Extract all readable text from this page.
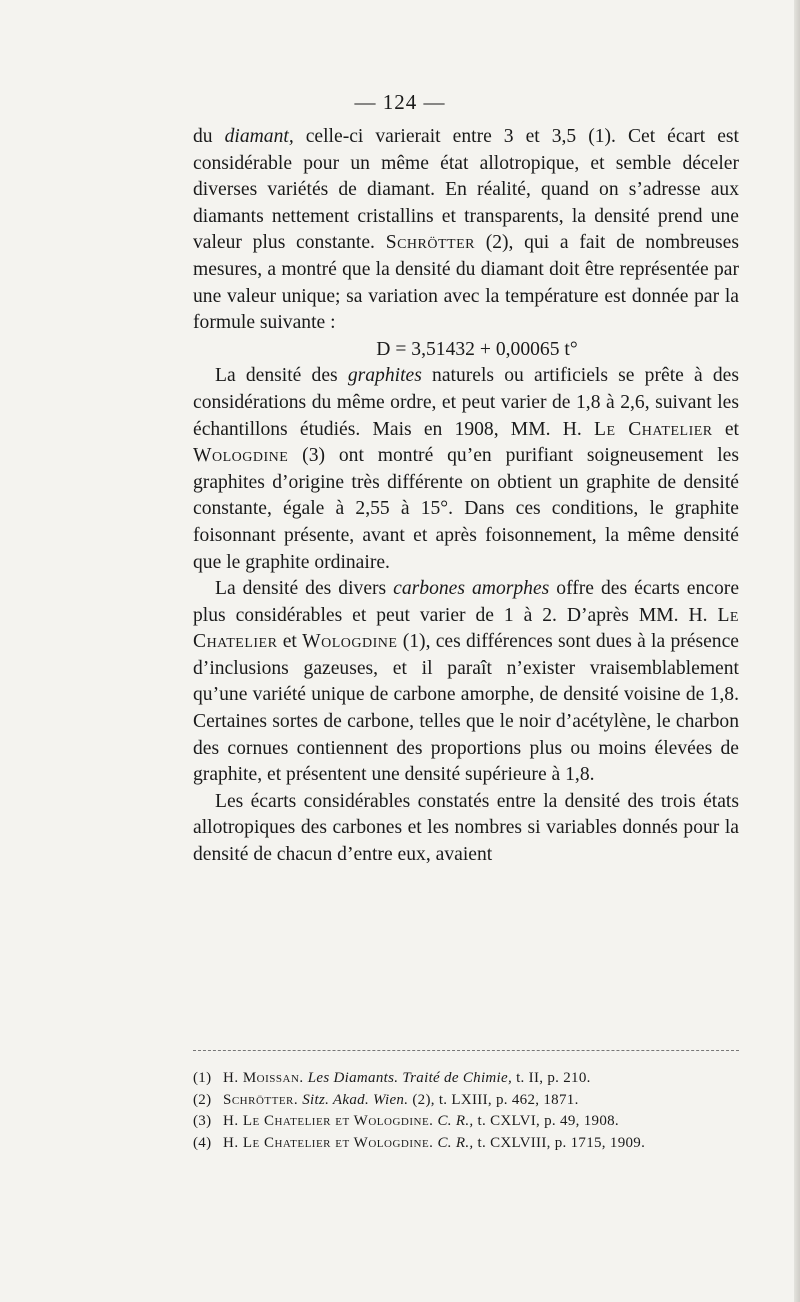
— 124 —

du diamant, celle-ci varierait entre 3 et 3,5 (1). Cet écart est considérable pour un même état allotropique, et semble déceler diverses variétés de diamant. En réalité, quand on s’adresse aux diamants nettement cristallins et transparents, la densité prend une valeur plus constante. Schrötter (2), qui a fait de nombreuses mesures, a montré que la densité du diamant doit être représentée par une valeur unique; sa variation avec la température est donnée par la formule suivante :

D = 3,51432 + 0,00065 t°

La densité des graphites naturels ou artificiels se prête à des considérations du même ordre, et peut varier de 1,8 à 2,6, suivant les échantillons étudiés. Mais en 1908, MM. H. Le Chatelier et Wologdine (3) ont montré qu’en purifiant soigneusement les graphites d’origine très différente on obtient un graphite de densité constante, égale à 2,55 à 15°. Dans ces conditions, le graphite foisonnant présente, avant et après foisonnement, la même densité que le graphite ordinaire.

La densité des divers carbones amorphes offre des écarts encore plus considérables et peut varier de 1 à 2. D’après MM. H. Le Chatelier et Wologdine (1), ces différences sont dues à la présence d’inclusions gazeuses, et il paraît n’exister vraisemblablement qu’une variété unique de carbone amorphe, de densité voisine de 1,8. Certaines sortes de carbone, telles que le noir d’acétylène, le charbon des cornues contiennent des proportions plus ou moins élevées de graphite, et présentent une densité supérieure à 1,8.

Les écarts considérables constatés entre la densité des trois états allotropiques des carbones et les nombres si variables donnés pour la densité de chacun d’entre eux, avaient

(1) H. Moissan. Les Diamants. Traité de Chimie, t. II, p. 210.
(2) Schrötter. Sitz. Akad. Wien. (2), t. LXIII, p. 462, 1871.
(3) H. Le Chatelier et Wologdine. C. R., t. CXLVI, p. 49, 1908.
(4) H. Le Chatelier et Wologdine. C. R., t. CXLVIII, p. 1715, 1909.
